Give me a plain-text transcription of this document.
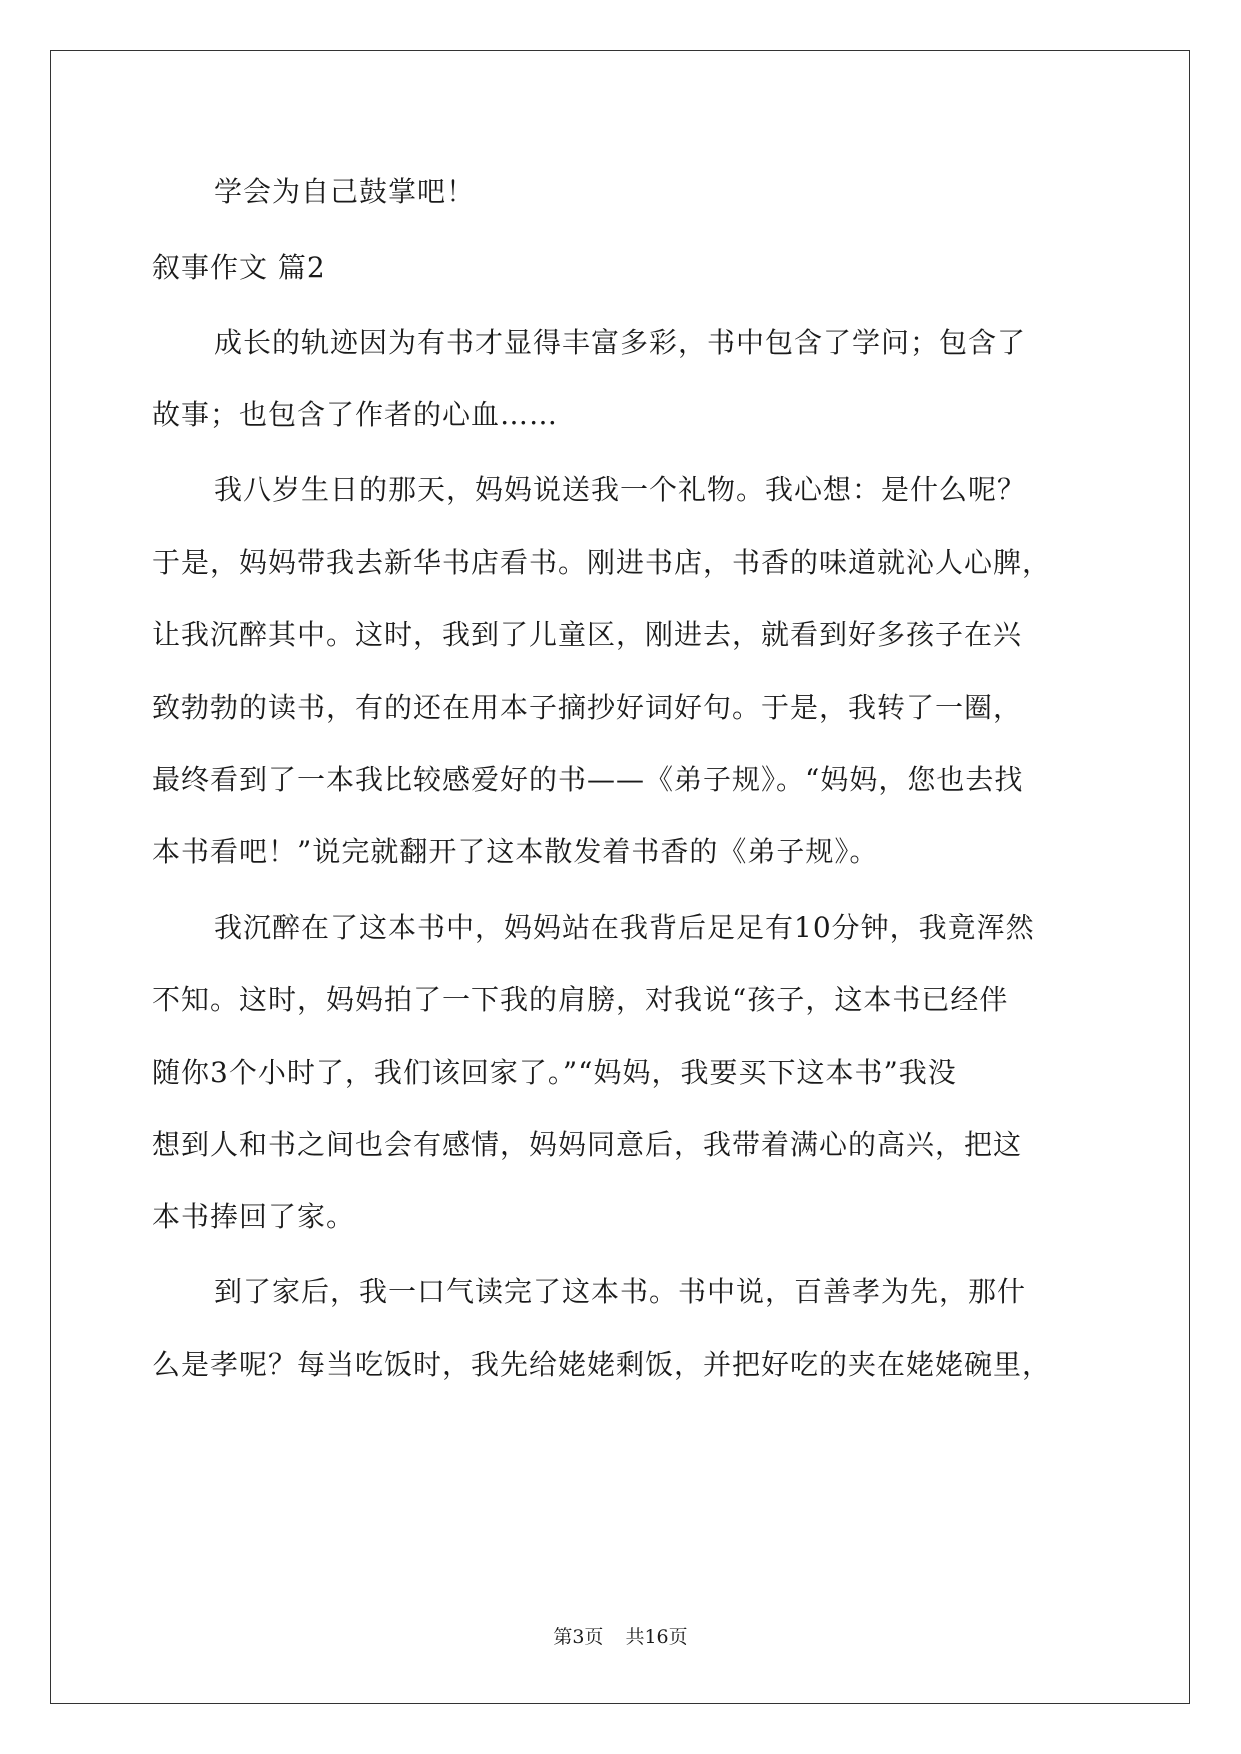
学会为自己鼓掌吧！
叙事作文 篇2
成长的轨迹因为有书才显得丰富多彩，书中包含了学问；包含了
故事；也包含了作者的心血……
我八岁生日的那天，妈妈说送我一个礼物。我心想：是什么呢？
于是，妈妈带我去新华书店看书。刚进书店，书香的味道就沁人心脾，
让我沉醉其中。这时，我到了儿童区，刚进去，就看到好多孩子在兴
致勃勃的读书，有的还在用本子摘抄好词好句。于是，我转了一圈，
最终看到了一本我比较感爱好的书——《弟子规》。“妈妈，您也去找
本书看吧！”说完就翻开了这本散发着书香的《弟子规》。
我沉醉在了这本书中，妈妈站在我背后足足有10分钟，我竟浑然
不知。这时，妈妈拍了一下我的肩膀，对我说“孩子，这本书已经伴
随你3个小时了，我们该回家了。”“妈妈，我要买下这本书”我没
想到人和书之间也会有感情，妈妈同意后，我带着满心的高兴，把这
本书捧回了家。
到了家后，我一口气读完了这本书。书中说，百善孝为先，那什
么是孝呢？每当吃饭时，我先给姥姥剩饭，并把好吃的夹在姥姥碗里，
第3页 共16页
